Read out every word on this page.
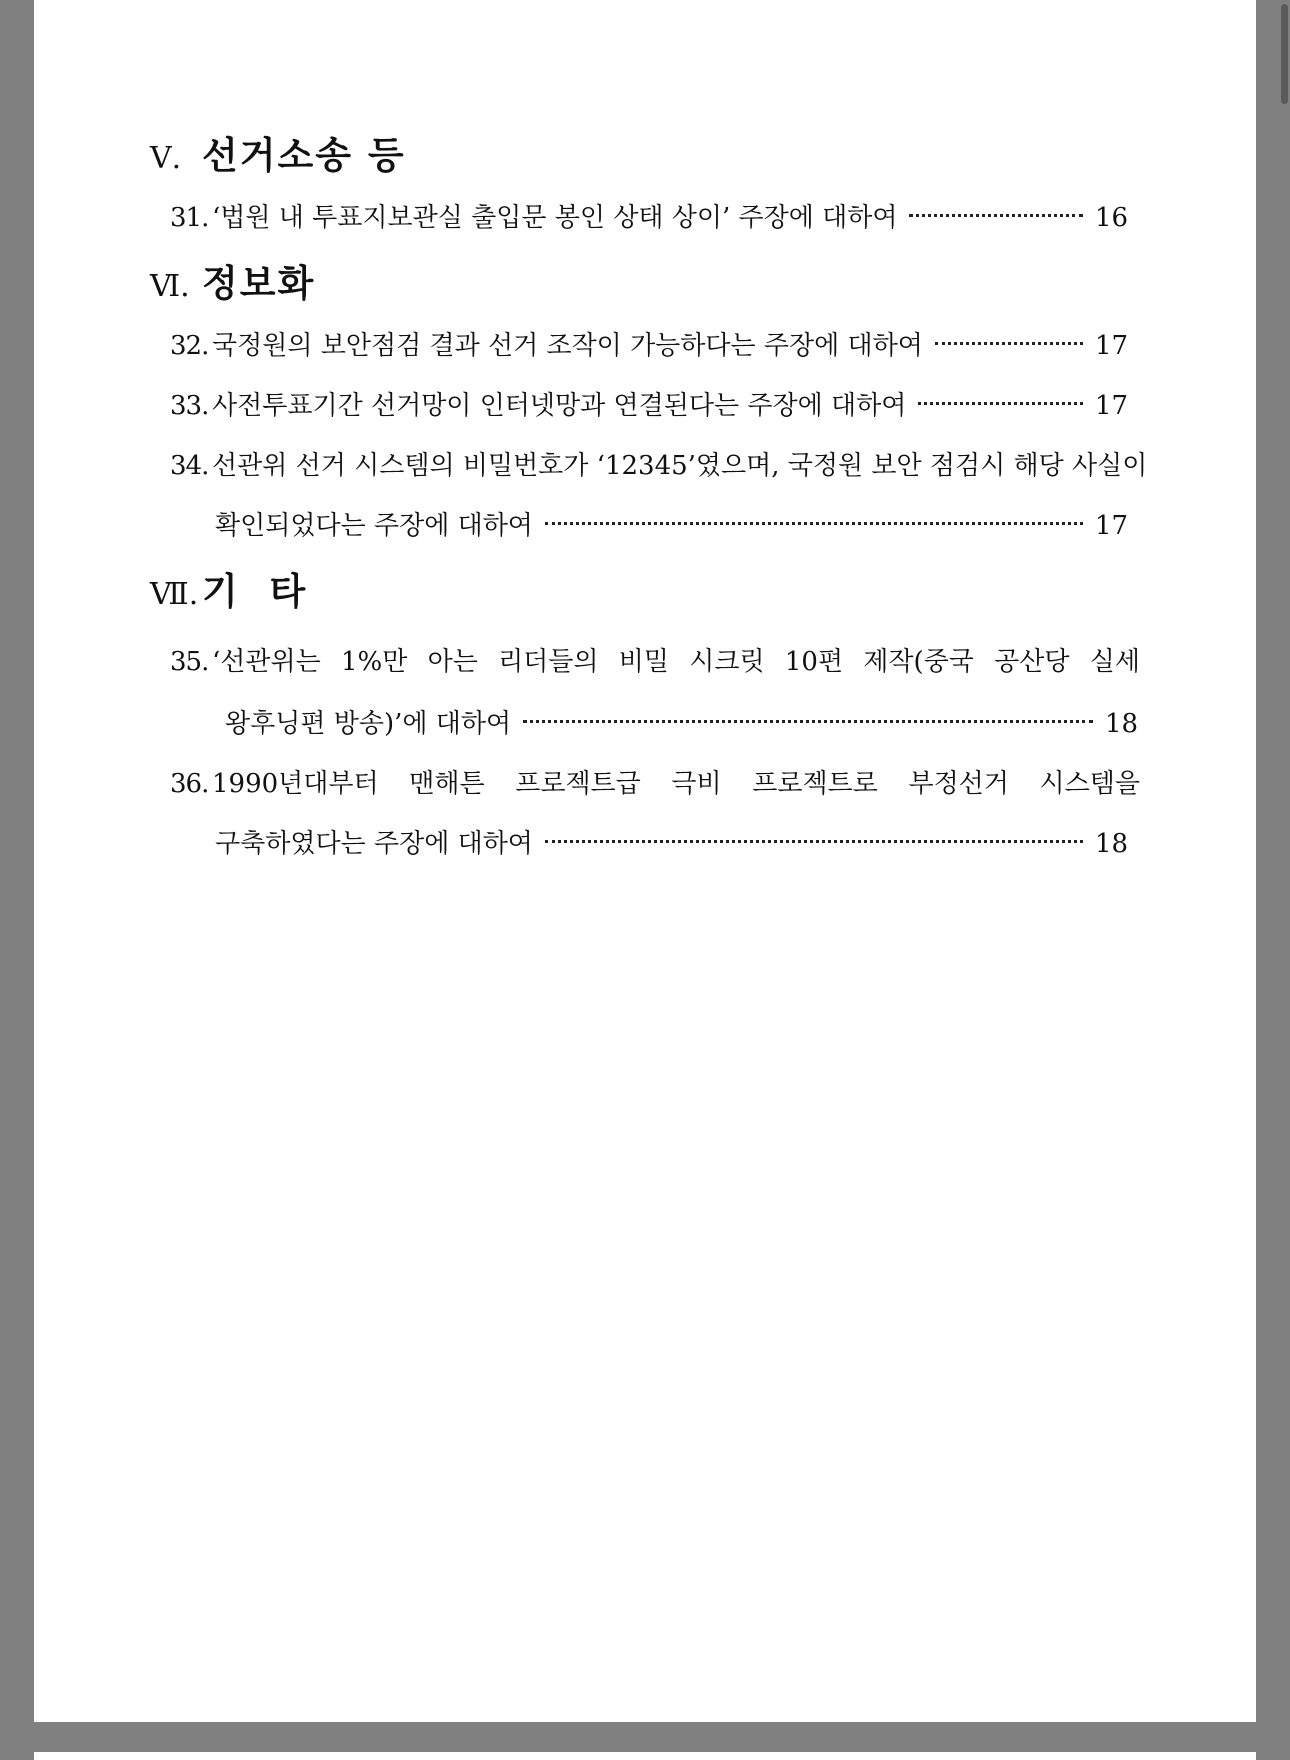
Ⅴ. 선거소송 등
31. ‘법원 내 투표지보관실 출입문 봉인 상태 상이’ 주장에 대하여	16
Ⅵ. 정보화
32. 국정원의 보안점검 결과 선거 조작이 가능하다는 주장에 대하여	17
33. 사전투표기간 선거망이 인터넷망과 연결된다는 주장에 대하여	17
34. 선관위 선거 시스템의 비밀번호가 ‘12345’였으며, 국정원 보안 점검시 해당 사실이
확인되었다는 주장에 대하여	17
Ⅶ. 기  타
35. ‘선관위는 1%만 아는 리더들의 비밀 시크릿 10편 제작(중국 공산당 실세
왕후닝편 방송)’에 대하여	18
36. 1990년대부터 맨해튼 프로젝트급 극비 프로젝트로 부정선거 시스템을
구축하였다는 주장에 대하여	18
